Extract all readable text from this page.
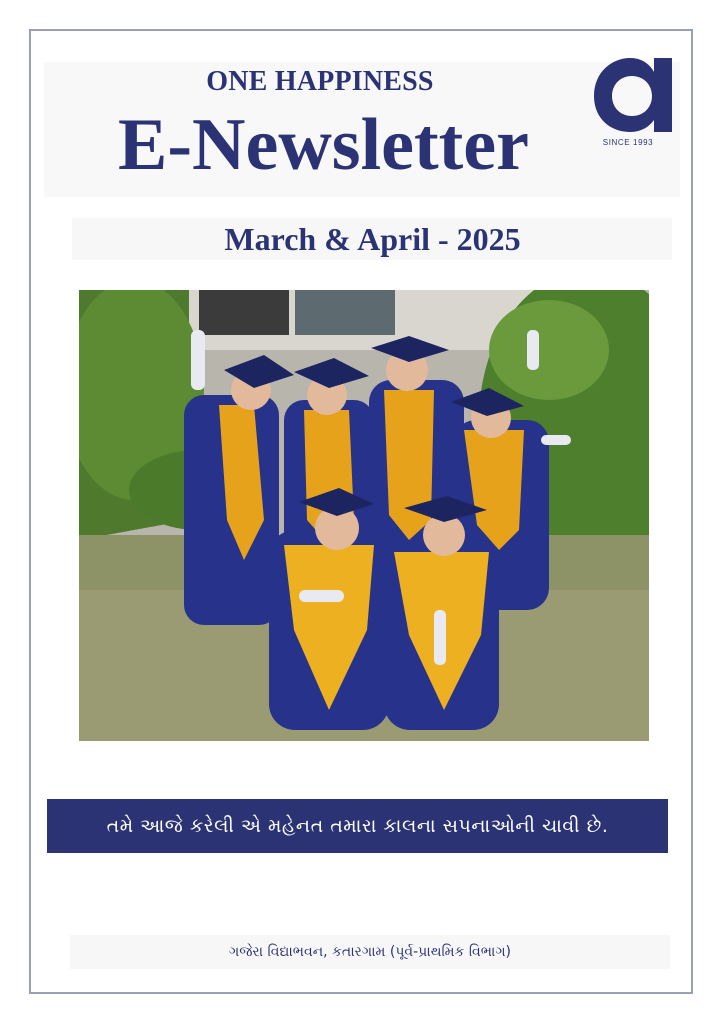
ONE HAPPINESS
E-Newsletter	SINCE 1993
March & April - 2025
તમે આજે કરેલી એ મહેનત તમારા કાલના સપનાઓની ચાવી છે.
ગજેરા વિદ્યાભવન, કતારગામ (પૂર્વ-પ્રાથમિક વિભાગ)
